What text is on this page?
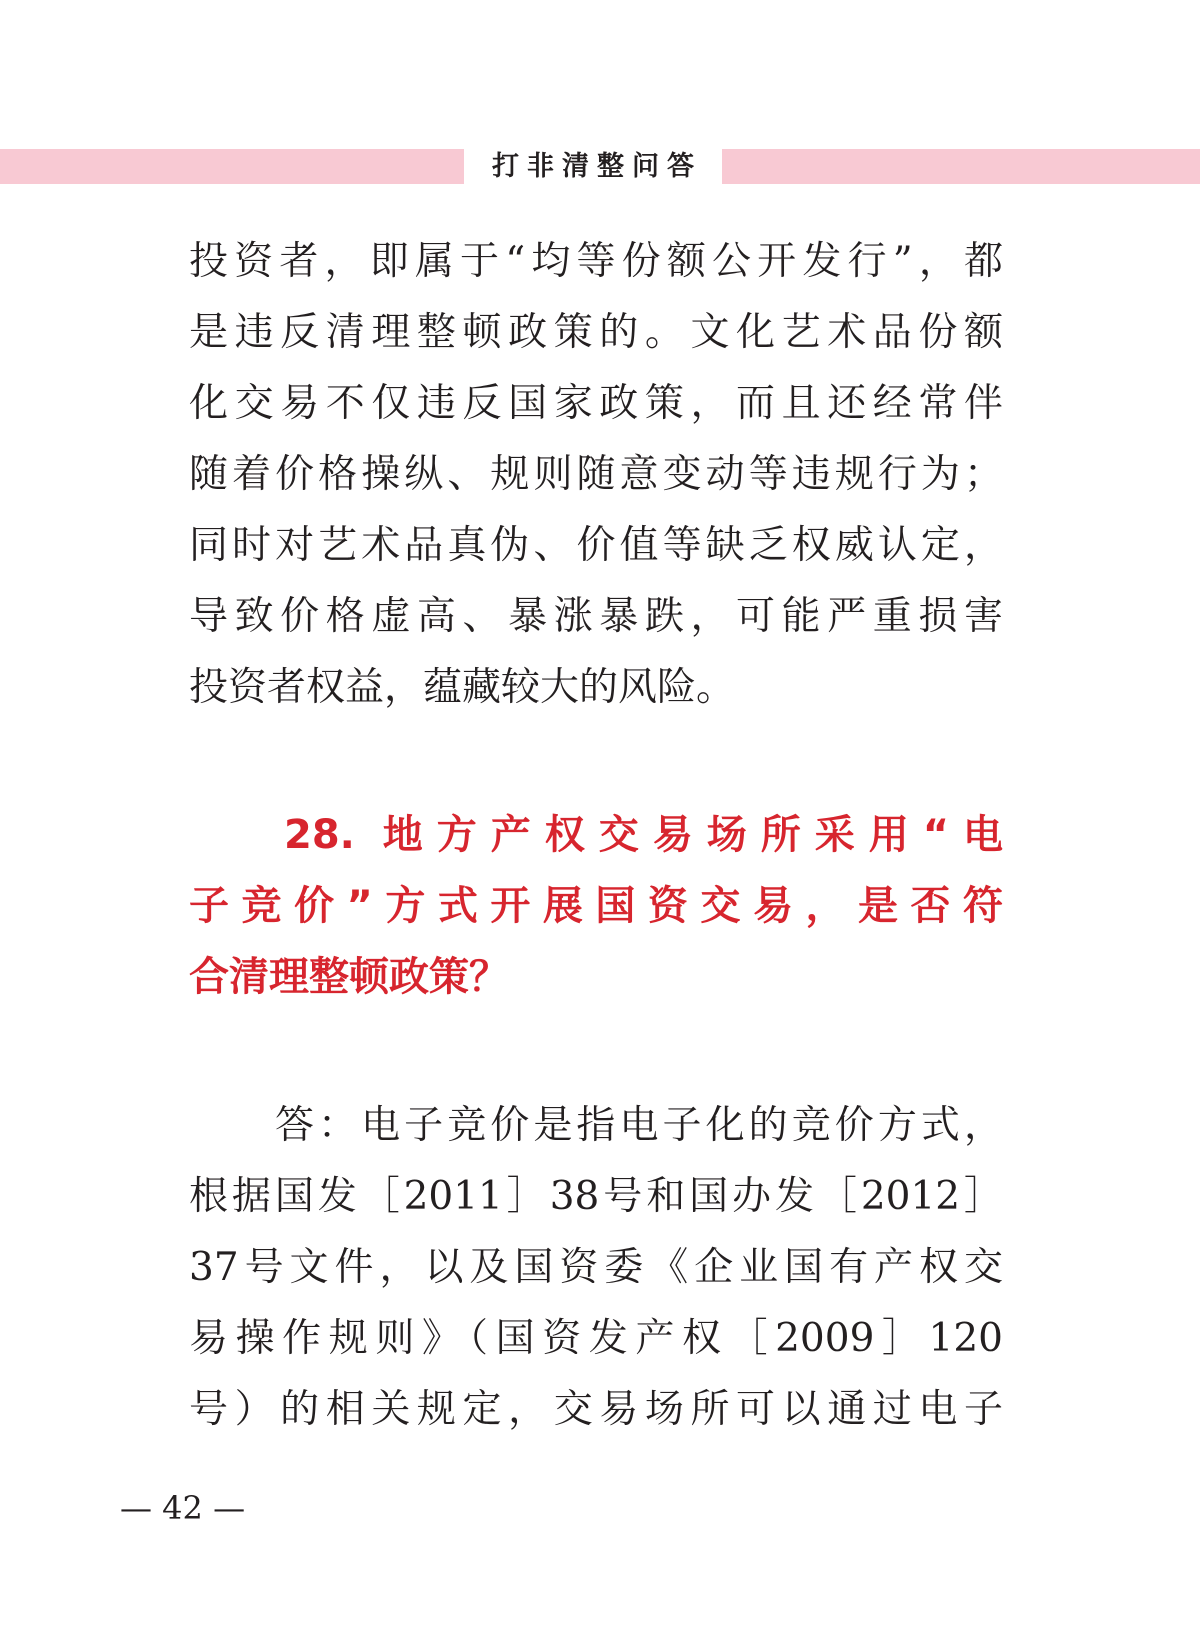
打非清整问答
投资者，即属于“均等份额公开发行”，都
是违反清理整顿政策的。文化艺术品份额
化交易不仅违反国家政策，而且还经常伴
随着价格操纵、规则随意变动等违规行为；
同时对艺术品真伪、价值等缺乏权威认定，
导致价格虚高、暴涨暴跌，可能严重损害
投资者权益，蕴藏较大的风险。
28. 地方产权交易场所采用“电
子竞价”方式开展国资交易，是否符
合清理整顿政策？
答：电子竞价是指电子化的竞价方式，
根据国发［2011］38号和国办发［2012］
37号文件，以及国资委《企业国有产权交
易操作规则》（国资发产权［2009］120
号）的相关规定，交易场所可以通过电子
— 42 —
